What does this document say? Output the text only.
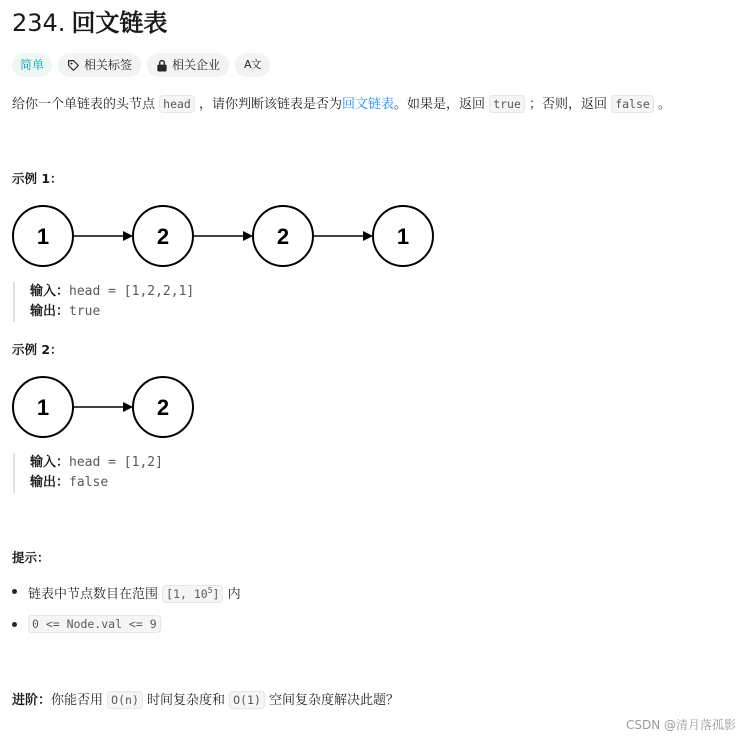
234. 回文链表
简单	相关标签	相关企业 A文
给你一个单链表的头节点 head ，请你判断该链表是否为回文链表。如果是，返回 true ；否则，返回 false 。
示例 1：
1	2	2	1
输入：head = [1,2,2,1]
输出：true
示例 2：
1	2
输入：head = [1,2]
输出：false
提示：
链表中节点数目在范围 [1, $10^5$] 内
0 <= Node.val <= 9
进阶：你能否用 O(n) 时间复杂度和 O(1) 空间复杂度解决此题？
CSDN @清月落孤影
